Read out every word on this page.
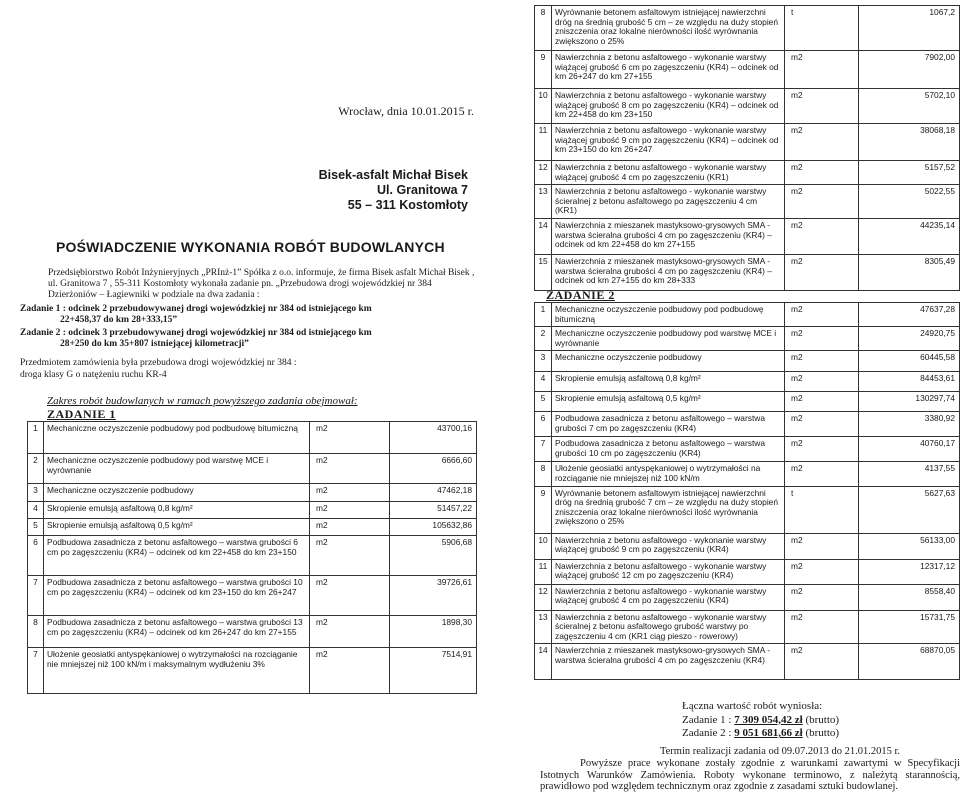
Wrocław, dnia 10.01.2015 r.
Bisek-asfalt Michał Bisek
Ul. Granitowa 7
55 – 311 Kostomłoty
POŚWIADCZENIE WYKONANIA ROBÓT BUDOWLANYCH

Przedsiębiorstwo Robót Inżynieryjnych „PRInż-1” Spółka z o.o. informuje, że firma Bisek asfalt Michał Bisek , ul. Granitowa 7 , 55-311 Kostomłoty wykonała zadanie pn. „Przebudowa drogi wojewódzkiej nr 384 Dzierżoniów – Łagiewniki w podziale na dwa zadania :

Zadanie 1 : odcinek 2 przebudowywanej drogi wojewódzkiej nr 384 od istniejącego km
22+458,37 do km 28+333,15”

Zadanie 2 : odcinek 3 przebudowywanej drogi wojewódzkiej nr 384 od istniejącego km
28+250 do km 35+807 istniejącej kilometracji”

Przedmiotem zamówienia była przebudowa drogi wojewódzkiej nr 384 :
droga klasy G o natężeniu ruchu KR-4

Zakres robót budowlanych w ramach powyższego zadania obejmował:
ZADANIE 1
1	Mechaniczne oczyszczenie podbudowy pod podbudowę bitumiczną	m2	43700,16
2	Mechaniczne oczyszczenie podbudowy pod warstwę MCE i wyrównanie	m2	6666,60
3	Mechaniczne oczyszczenie podbudowy	m2	47462,18
4	Skropienie emulsją asfaltową 0,8 kg/m²	m2	51457,22
5	Skropienie emulsją asfaltową 0,5 kg/m²	m2	105632,86
6	Podbudowa zasadnicza z betonu asfaltowego – warstwa grubości 6 cm po zagęszczeniu (KR4) – odcinek od km 22+458 do km 23+150	m2	5906,68
7	Podbudowa zasadnicza z betonu asfaltowego – warstwa grubości 10 cm po zagęszczeniu (KR4) – odcinek od km 23+150 do km 26+247	m2	39726,61
8	Podbudowa zasadnicza z betonu asfaltowego – warstwa grubości 13 cm po zagęszczeniu (KR4) – odcinek od km 26+247 do km 27+155	m2	1898,30
7	Ułożenie geosiatki antyspękaniowej o wytrzymałości na rozciąganie nie mniejszej niż 100 kN/m i maksymalnym wydłużeniu 3%	m2	7514,91
8	Wyrównanie betonem asfaltowym istniejącej nawierzchni dróg na średnią grubość 5 cm – ze względu na duży stopień zniszczenia oraz lokalne nierówności ilość wyrównania zwiększono o 25%	t	1067,2
9	Nawierzchnia z betonu asfaltowego - wykonanie warstwy wiążącej grubość 6 cm po zagęszczeniu (KR4) – odcinek od km 26+247 do km 27+155	m2	7902,00
10	Nawierzchnia z betonu asfaltowego - wykonanie warstwy wiążącej grubość 8 cm po zagęszczeniu (KR4) – odcinek od km 22+458 do km 23+150	m2	5702,10
11	Nawierzchnia z betonu asfaltowego - wykonanie warstwy wiążącej grubość 9 cm po zagęszczeniu (KR4) – odcinek od km 23+150 do km 26+247	m2	38068,18
12	Nawierzchnia z betonu asfaltowego - wykonanie warstwy wiążącej grubość 4 cm po zagęszczeniu (KR1)	m2	5157,52
13	Nawierzchnia z betonu asfaltowego - wykonanie warstwy ścieralnej z betonu asfaltowego po zagęszczeniu 4 cm (KR1)	m2	5022,55
14	Nawierzchnia z mieszanek mastyksowo-grysowych SMA - warstwa ścieralna grubości 4 cm po zagęszczeniu (KR4) – odcinek od km 22+458 do km 27+155	m2	44235,14
15	Nawierzchnia z mieszanek mastyksowo-grysowych SMA - warstwa ścieralna grubości 4 cm po zagęszczeniu (KR4) – odcinek od km 27+155 do km 28+333	m2	8305,49
ZADANIE 2
1	Mechaniczne oczyszczenie podbudowy pod podbudowę bitumiczną	m2	47637,28
2	Mechaniczne oczyszczenie podbudowy pod warstwę MCE i wyrównanie	m2	24920,75
3	Mechaniczne oczyszczenie podbudowy	m2	60445,58
4	Skropienie emulsją asfaltową 0,8 kg/m²	m2	84453,61
5	Skropienie emulsją asfaltową 0,5 kg/m²	m2	130297,74
6	Podbudowa zasadnicza z betonu asfaltowego – warstwa grubości 7 cm po zagęszczeniu (KR4)	m2	3380,92
7	Podbudowa zasadnicza z betonu asfaltowego – warstwa grubości 10 cm po zagęszczeniu (KR4)	m2	40760,17
8	Ułożenie geosiatki antyspękaniowej o wytrzymałości na rozciąganie nie mniejszej niż 100 kN/m	m2	4137,55
9	Wyrównanie betonem asfaltowym istniejącej nawierzchni dróg na średnią grubość 7 cm – ze względu na duży stopień zniszczenia oraz lokalne nierówności ilość wyrównania zwiększono o 25%	t	5627,63
10	Nawierzchnia z betonu asfaltowego - wykonanie warstwy wiążącej grubość 9 cm po zagęszczeniu (KR4)	m2	56133,00
11	Nawierzchnia z betonu asfaltowego - wykonanie warstwy wiążącej grubość 12 cm po zagęszczeniu (KR4)	m2	12317,12
12	Nawierzchnia z betonu asfaltowego - wykonanie warstwy wiążącej grubość 4 cm po zagęszczeniu (KR4)	m2	8558,40
13	Nawierzchnia z betonu asfaltowego - wykonanie warstwy ścieralnej z betonu asfaltowego grubość warstwy po zagęszczeniu 4 cm (KR1 ciąg pieszo - rowerowy)	m2	15731,75
14	Nawierzchnia z mieszanek mastyksowo-grysowych SMA - warstwa ścieralna grubości 4 cm po zagęszczeniu (KR4)	m2	68870,05
Łączna wartość robót wyniosła:
Zadanie 1 : 7 309 054,42 zł (brutto)
Zadanie 2 : 9 051 681,66 zł (brutto)

Termin realizacji zadania od 09.07.2013 do 21.01.2015 r.

Powyższe prace wykonane zostały zgodnie z warunkami zawartymi w Specyfikacji Istotnych Warunków Zamówienia. Roboty wykonane terminowo, z należytą starannością, prawidłowo pod względem technicznym oraz zgodnie z zasadami sztuki budowlanej.
